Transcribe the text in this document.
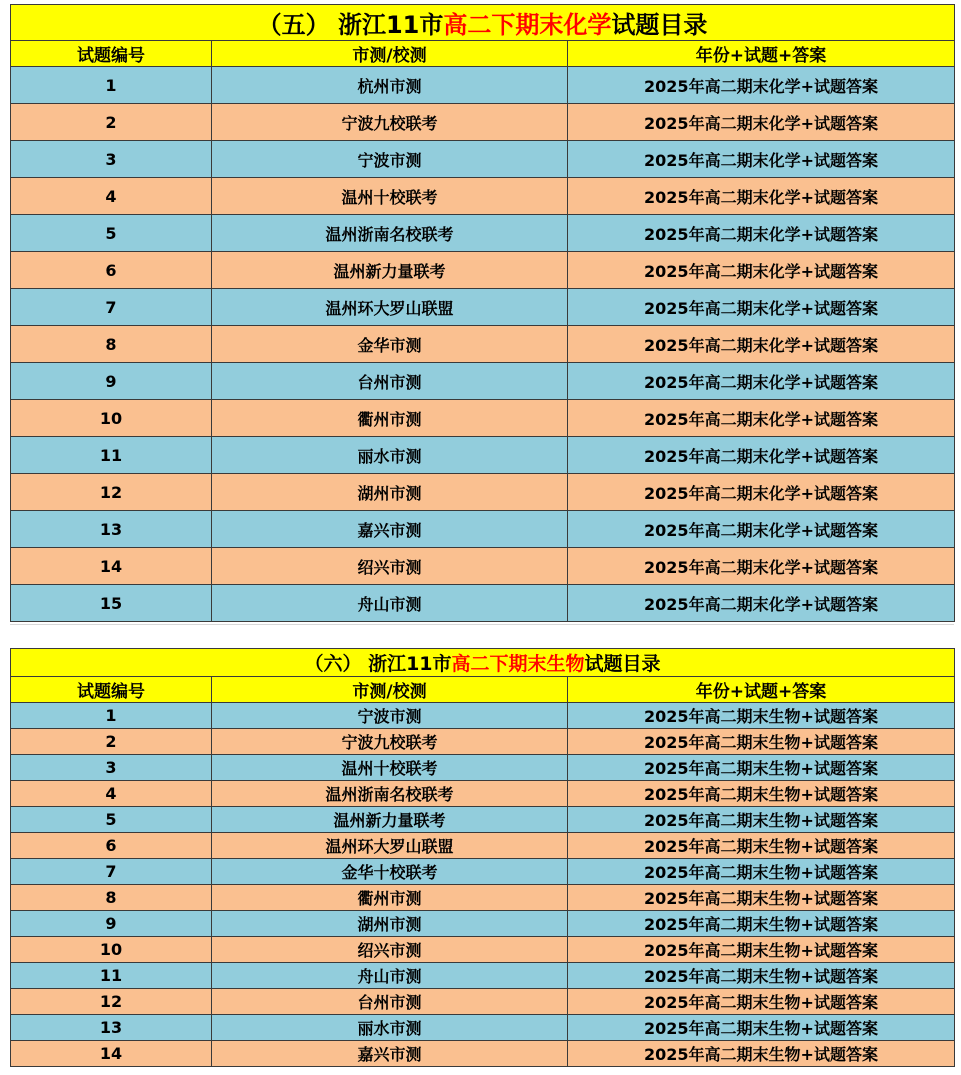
（五） 浙江11市高二下期末化学试题目录		
试题编号	市测/校测	年份+试题+答案
1	杭州市测	2025年高二期末化学+试题答案
2	宁波九校联考	2025年高二期末化学+试题答案
3	宁波市测	2025年高二期末化学+试题答案
4	温州十校联考	2025年高二期末化学+试题答案
5	温州浙南名校联考	2025年高二期末化学+试题答案
6	温州新力量联考	2025年高二期末化学+试题答案
7	温州环大罗山联盟	2025年高二期末化学+试题答案
8	金华市测	2025年高二期末化学+试题答案
9	台州市测	2025年高二期末化学+试题答案
10	衢州市测	2025年高二期末化学+试题答案
11	丽水市测	2025年高二期末化学+试题答案
12	湖州市测	2025年高二期末化学+试题答案
13	嘉兴市测	2025年高二期末化学+试题答案
14	绍兴市测	2025年高二期末化学+试题答案
15	舟山市测	2025年高二期末化学+试题答案
（六） 浙江11市高二下期末生物试题目录		
试题编号	市测/校测	年份+试题+答案
1	宁波市测	2025年高二期末生物+试题答案
2	宁波九校联考	2025年高二期末生物+试题答案
3	温州十校联考	2025年高二期末生物+试题答案
4	温州浙南名校联考	2025年高二期末生物+试题答案
5	温州新力量联考	2025年高二期末生物+试题答案
6	温州环大罗山联盟	2025年高二期末生物+试题答案
7	金华十校联考	2025年高二期末生物+试题答案
8	衢州市测	2025年高二期末生物+试题答案
9	湖州市测	2025年高二期末生物+试题答案
10	绍兴市测	2025年高二期末生物+试题答案
11	舟山市测	2025年高二期末生物+试题答案
12	台州市测	2025年高二期末生物+试题答案
13	丽水市测	2025年高二期末生物+试题答案
14	嘉兴市测	2025年高二期末生物+试题答案
